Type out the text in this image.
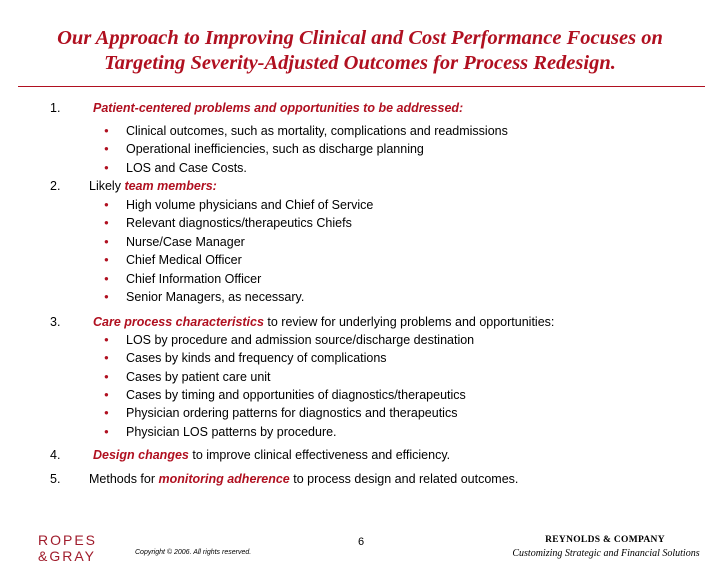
Our Approach to Improving Clinical and Cost Performance Focuses on
Targeting Severity-Adjusted Outcomes for Process Redesign.
1.	Patient-centered problems and opportunities to be addressed:
● Clinical outcomes, such as mortality, complications and readmissions
● Operational inefficiencies, such as discharge planning
● LOS and Case Costs.
2. Likely team members:
● High volume physicians and Chief of Service
● Relevant diagnostics/therapeutics Chiefs
● Nurse/Case Manager
● Chief Medical Officer
● Chief Information Officer
● Senior Managers, as necessary.
3.	Care process characteristics to review for underlying problems and opportunities:
● LOS by procedure and admission source/discharge destination
● Cases by kinds and frequency of complications
● Cases by patient care unit
● Cases by timing and opportunities of diagnostics/therapeutics
● Physician ordering patterns for diagnostics and therapeutics
● Physician LOS patterns by procedure.
4.	Design changes to improve clinical effectiveness and efficiency.
5. Methods for monitoring adherence to process design and related outcomes.
ROPES
&GRAY
6
Copyright © 2006. All rights reserved.
REYNOLDS & COMPANY
Customizing Strategic and Financial Solutions
